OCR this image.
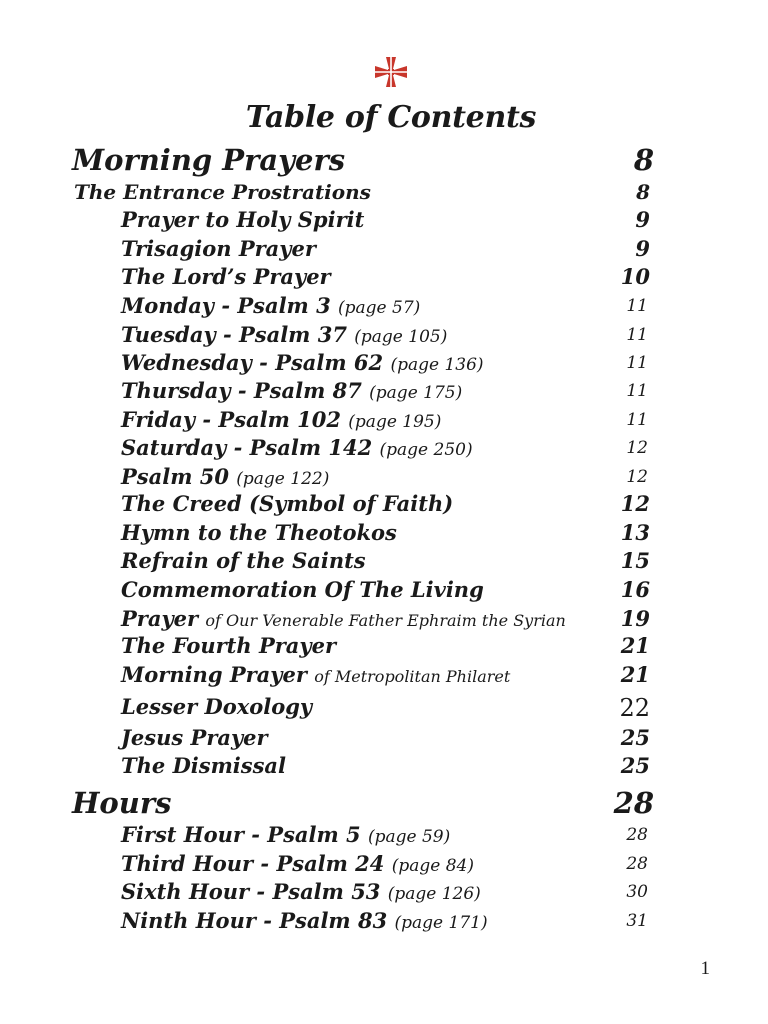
Table of Contents
Morning Prayers	8
The Entrance Prostrations	8
Prayer to Holy Spirit	9
Trisagion Prayer	9
The Lord’s Prayer	10
Monday - Psalm 3 (page 57)	11
Tuesday - Psalm 37 (page 105)	11
Wednesday - Psalm 62 (page 136)	11
Thursday - Psalm 87 (page 175)	11
Friday - Psalm 102 (page 195)	11
Saturday - Psalm 142 (page 250)	12
Psalm 50 (page 122)	12
The Creed (Symbol of Faith)	12
Hymn to the Theotokos	13
Refrain of the Saints	15
Commemoration Of The Living	16
Prayer of Our Venerable Father Ephraim the Syrian	19
The Fourth Prayer	21
Morning Prayer of Metropolitan Philaret	21
Lesser Doxology	22
Jesus Prayer	25
The Dismissal	25
Hours	28
First Hour - Psalm 5 (page 59)	28
Third Hour - Psalm 24 (page 84)	28
Sixth Hour - Psalm 53 (page 126)	30
Ninth Hour - Psalm 83 (page 171)	31
1
